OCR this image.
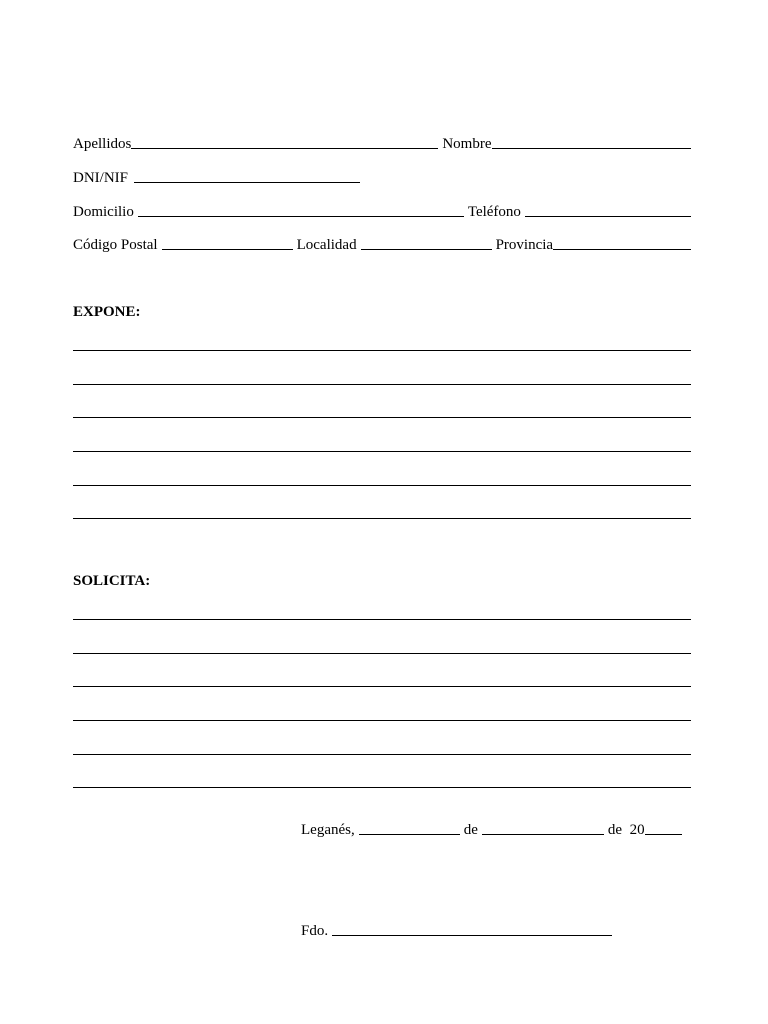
Apellidos	Nombre
DNI/NIF
Domicilio	Teléfono
Código Postal	Localidad	Provincia
EXPONE:
SOLICITA:
Leganés,	de	de  20
Fdo.
